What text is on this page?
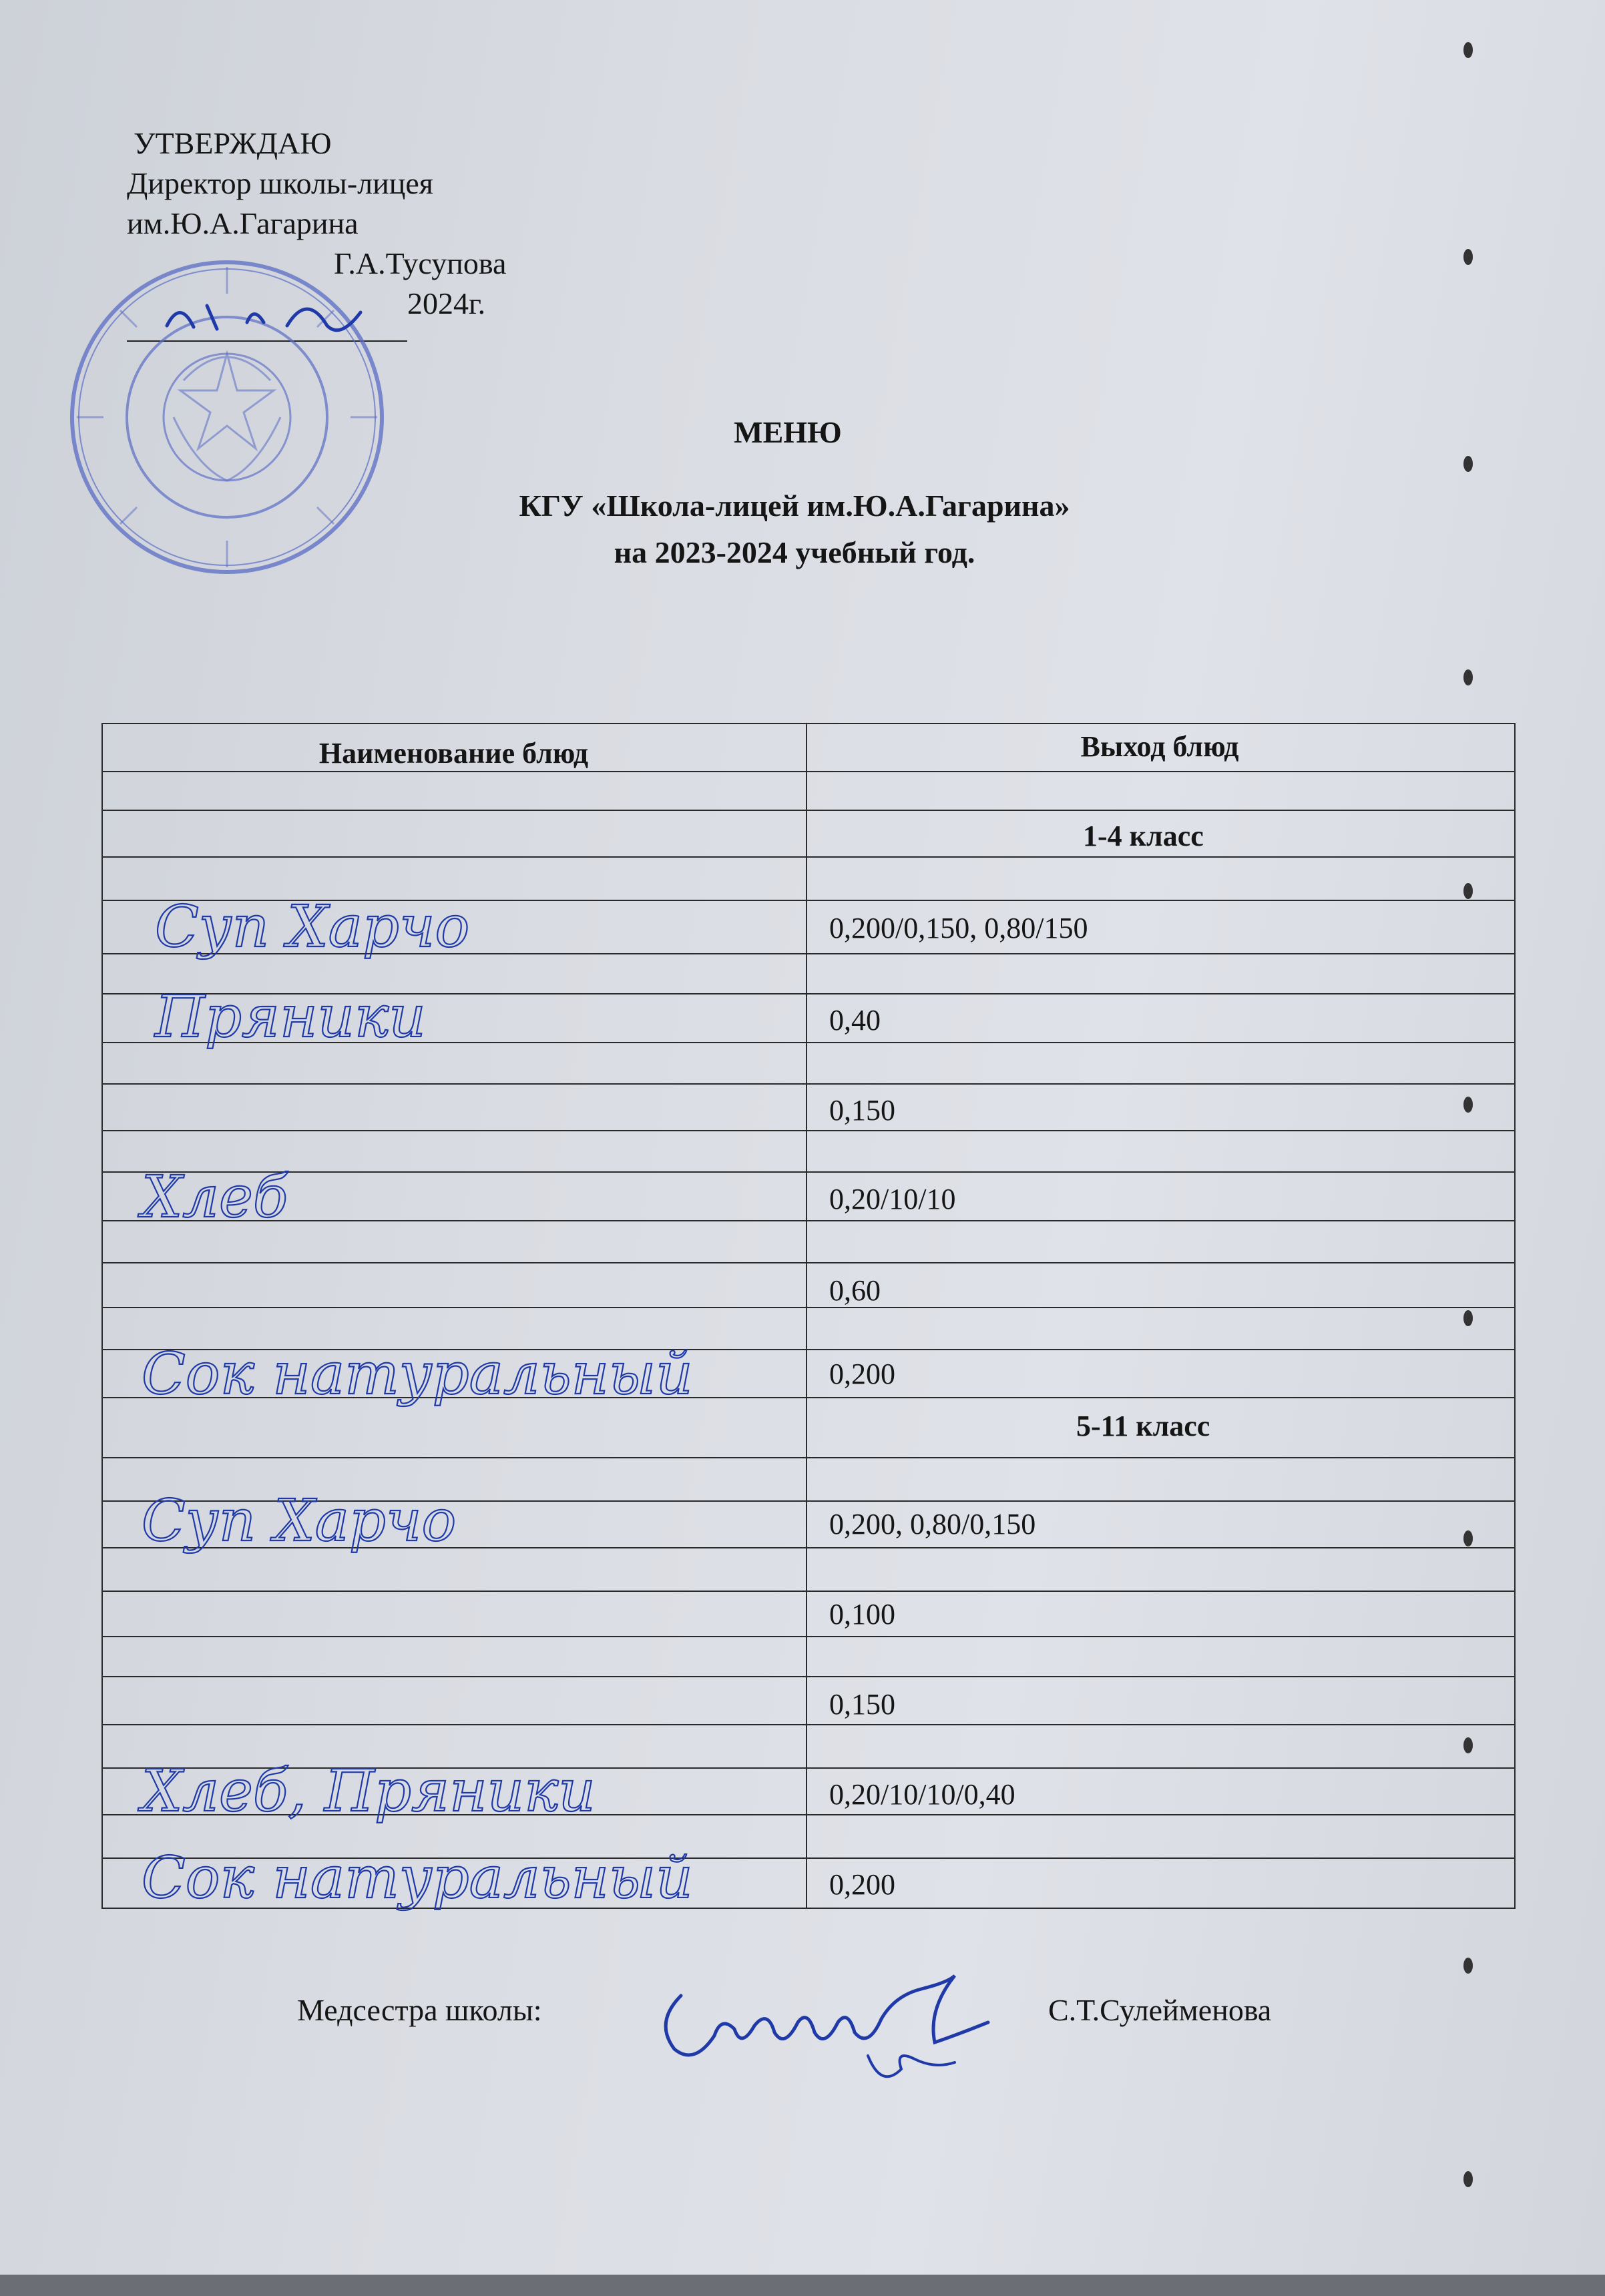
УТВЕРЖДАЮ
Директор школы-лицея
им.Ю.А.Гагарина
Г.А.Тусупова
2024г.
МЕНЮ
КГУ «Школа-лицей им.Ю.А.Гагарина»
на 2023-2024 учебный год.
Наименование блюд	Выход блюд
1-4 класс
5-11 класс
0,200/0,150, 0,80/150
0,40
0,150
0,20/10/10
0,60
0,200
0,200, 0,80/0,150
0,100
0,150
0,20/10/10/0,40
0,200
Суп Харчо
Пряники
Хлеб
Сок натуральный
Суп Харчо
Хлеб, Пряники
Сок натуральный
Медсестра школы:	С.Т.Сулейменова
